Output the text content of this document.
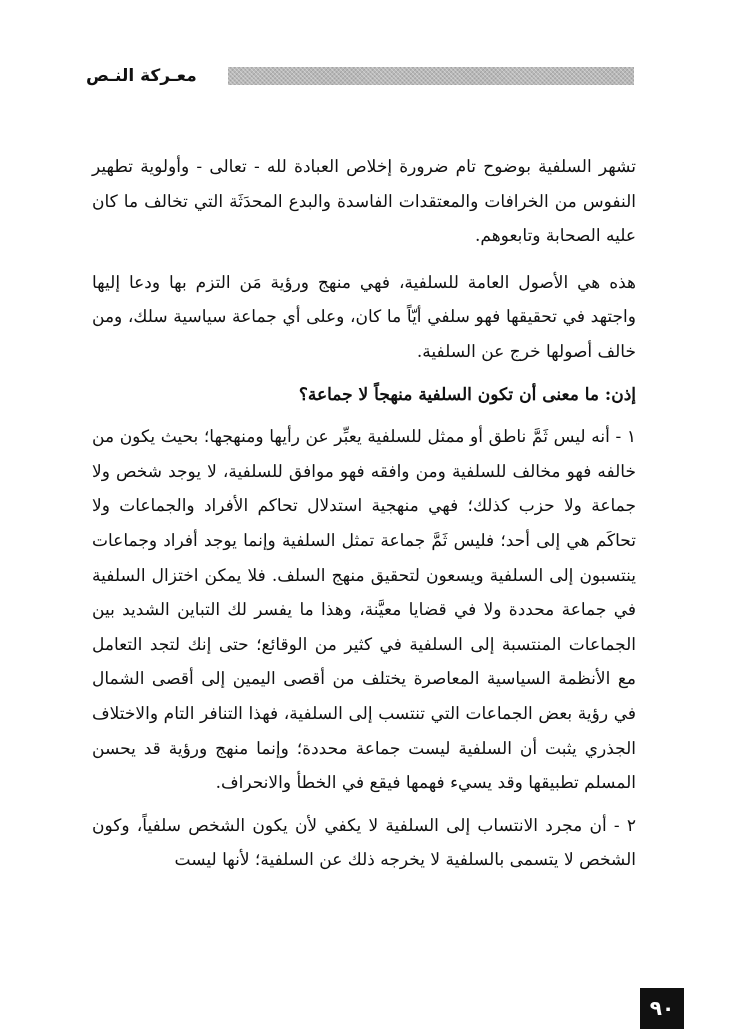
معـركة النـص

تشهر السلفية بوضوح تام ضرورة إخلاص العبادة لله - تعالى - وأولوية تطهير النفوس من الخرافات والمعتقدات الفاسدة والبدع المحدَثَة التي تخالف ما كان عليه الصحابة وتابعوهم.

هذه هي الأصول العامة للسلفية، فهي منهج ورؤية مَن التزم بها ودعا إليها واجتهد في تحقيقها فهو سلفي أيّاً ما كان، وعلى أي جماعة سياسية سلك، ومن خالف أصولها خرج عن السلفية.

إذن: ما معنى أن تكون السلفية منهجاً لا جماعة؟

١ - أنه ليس ثَمَّ ناطق أو ممثل للسلفية يعبِّر عن رأيها ومنهجها؛ بحيث يكون من خالفه فهو مخالف للسلفية ومن وافقه فهو موافق للسلفية، لا يوجد شخص ولا جماعة ولا حزب كذلك؛ فهي منهجية استدلال تحاكم الأفراد والجماعات ولا تحاكَم هي إلى أحد؛ فليس ثَمَّ جماعة تمثل السلفية وإنما يوجد أفراد وجماعات ينتسبون إلى السلفية ويسعون لتحقيق منهج السلف. فلا يمكن اختزال السلفية في جماعة محددة ولا في قضايا معيَّنة، وهذا ما يفسر لك التباين الشديد بين الجماعات المنتسبة إلى السلفية في كثير من الوقائع؛ حتى إنك لتجد التعامل مع الأنظمة السياسية المعاصرة يختلف من أقصى اليمين إلى أقصى الشمال في رؤية بعض الجماعات التي تنتسب إلى السلفية، فهذا التنافر التام والاختلاف الجذري يثبت أن السلفية ليست جماعة محددة؛ وإنما منهج ورؤية قد يحسن المسلم تطبيقها وقد يسيء فهمها فيقع في الخطأ والانحراف.

٢ - أن مجرد الانتساب إلى السلفية لا يكفي لأن يكون الشخص سلفياً، وكون الشخص لا يتسمى بالسلفية لا يخرجه ذلك عن السلفية؛ لأنها ليست

٩٠
